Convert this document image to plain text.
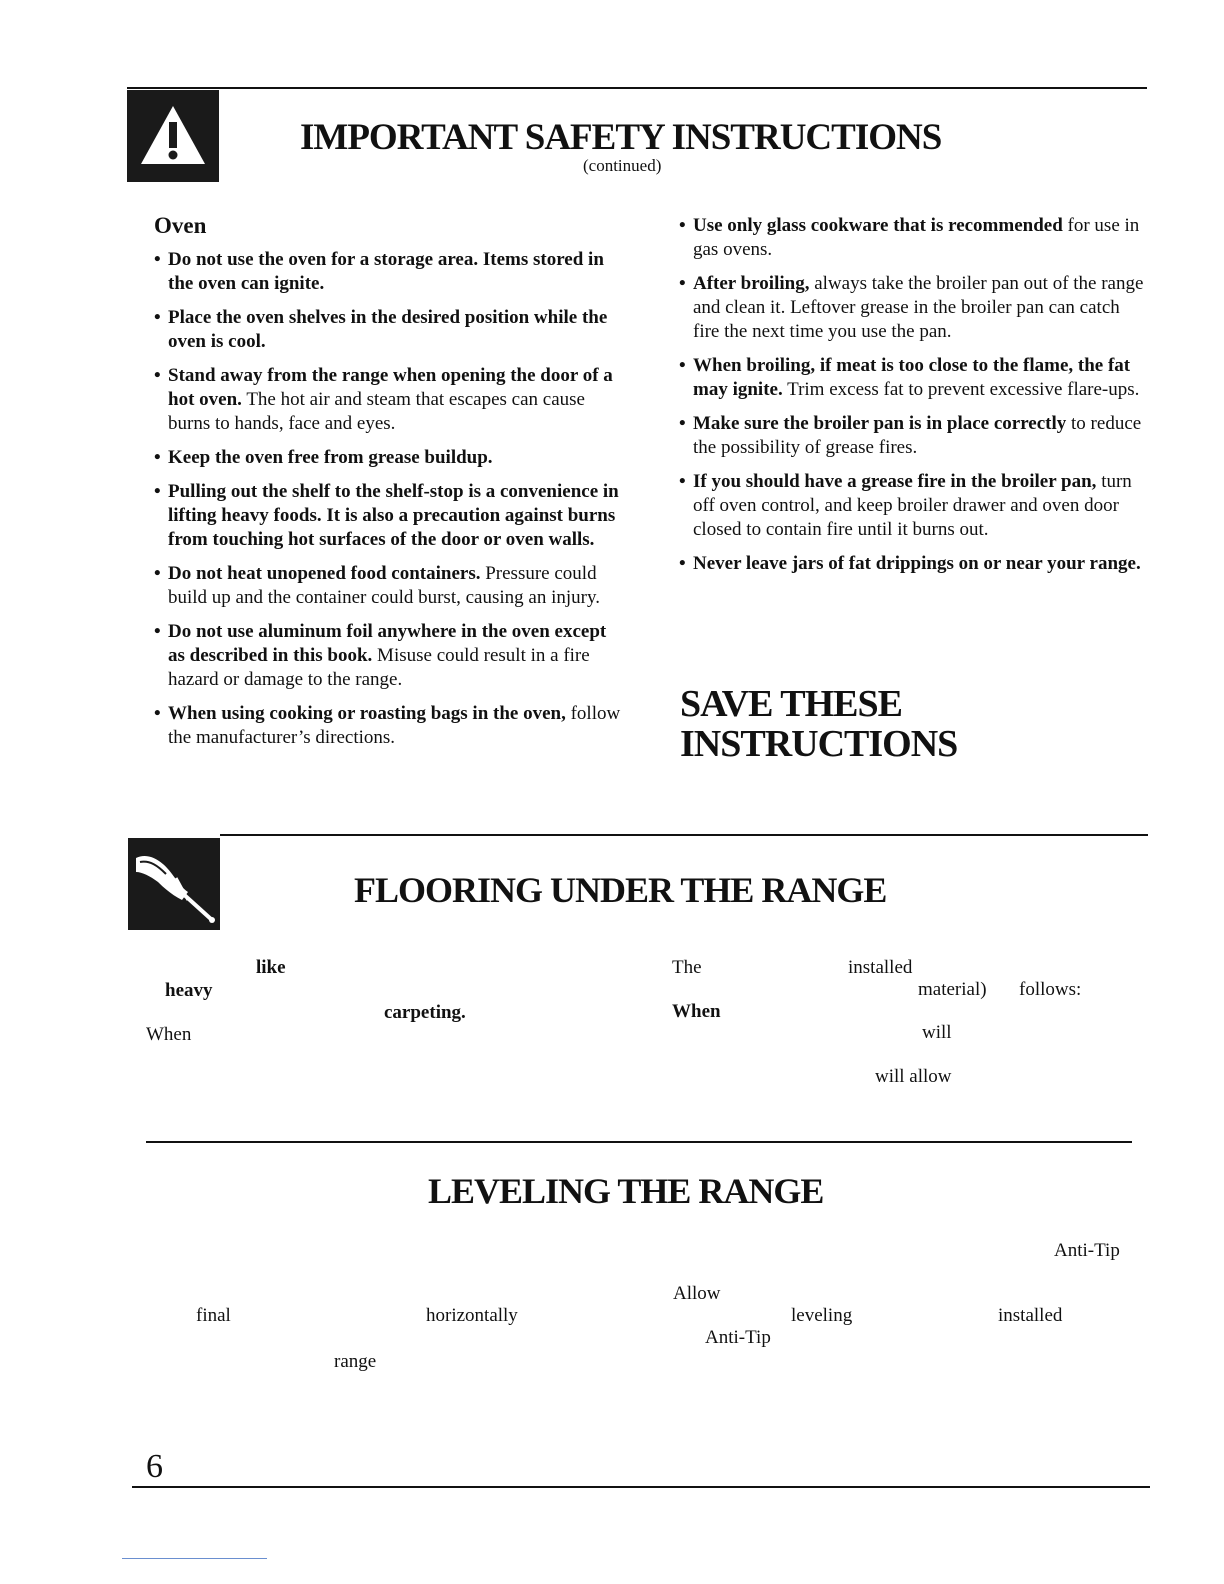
IMPORTANT SAFETY INSTRUCTIONS
(continued)
Oven
• Do not use the oven for a storage area. Items stored in the oven can ignite.
• Place the oven shelves in the desired position while the oven is cool.
• Stand away from the range when opening the door of a hot oven. The hot air and steam that escapes can cause burns to hands, face and eyes.
• Keep the oven free from grease buildup.
• Pulling out the shelf to the shelf-stop is a convenience in lifting heavy foods. It is also a precaution against burns from touching hot surfaces of the door or oven walls.
• Do not heat unopened food containers. Pressure could build up and the container could burst, causing an injury.
• Do not use aluminum foil anywhere in the oven except as described in this book. Misuse could result in a fire hazard or damage to the range.
• When using cooking or roasting bags in the oven, follow the manufacturer’s directions.
• Use only glass cookware that is recommended for use in gas ovens.
• After broiling, always take the broiler pan out of the range and clean it. Leftover grease in the broiler pan can catch fire the next time you use the pan.
• When broiling, if meat is too close to the flame, the fat may ignite. Trim excess fat to prevent excessive flare-ups.
• Make sure the broiler pan is in place correctly to reduce the possibility of grease fires.
• If you should have a grease fire in the broiler pan, turn off oven control, and keep broiler drawer and oven door closed to contain fire until it burns out.
• Never leave jars of fat drippings on or near your range.
SAVE THESE
INSTRUCTIONS
FLOORING UNDER THE RANGE
like
heavy
carpeting.
When
The	installed
material) follows:
When
will
will allow
LEVELING THE RANGE
Anti-Tip
Allow
final	horizontally	leveling	installed
Anti-Tip
range
6
